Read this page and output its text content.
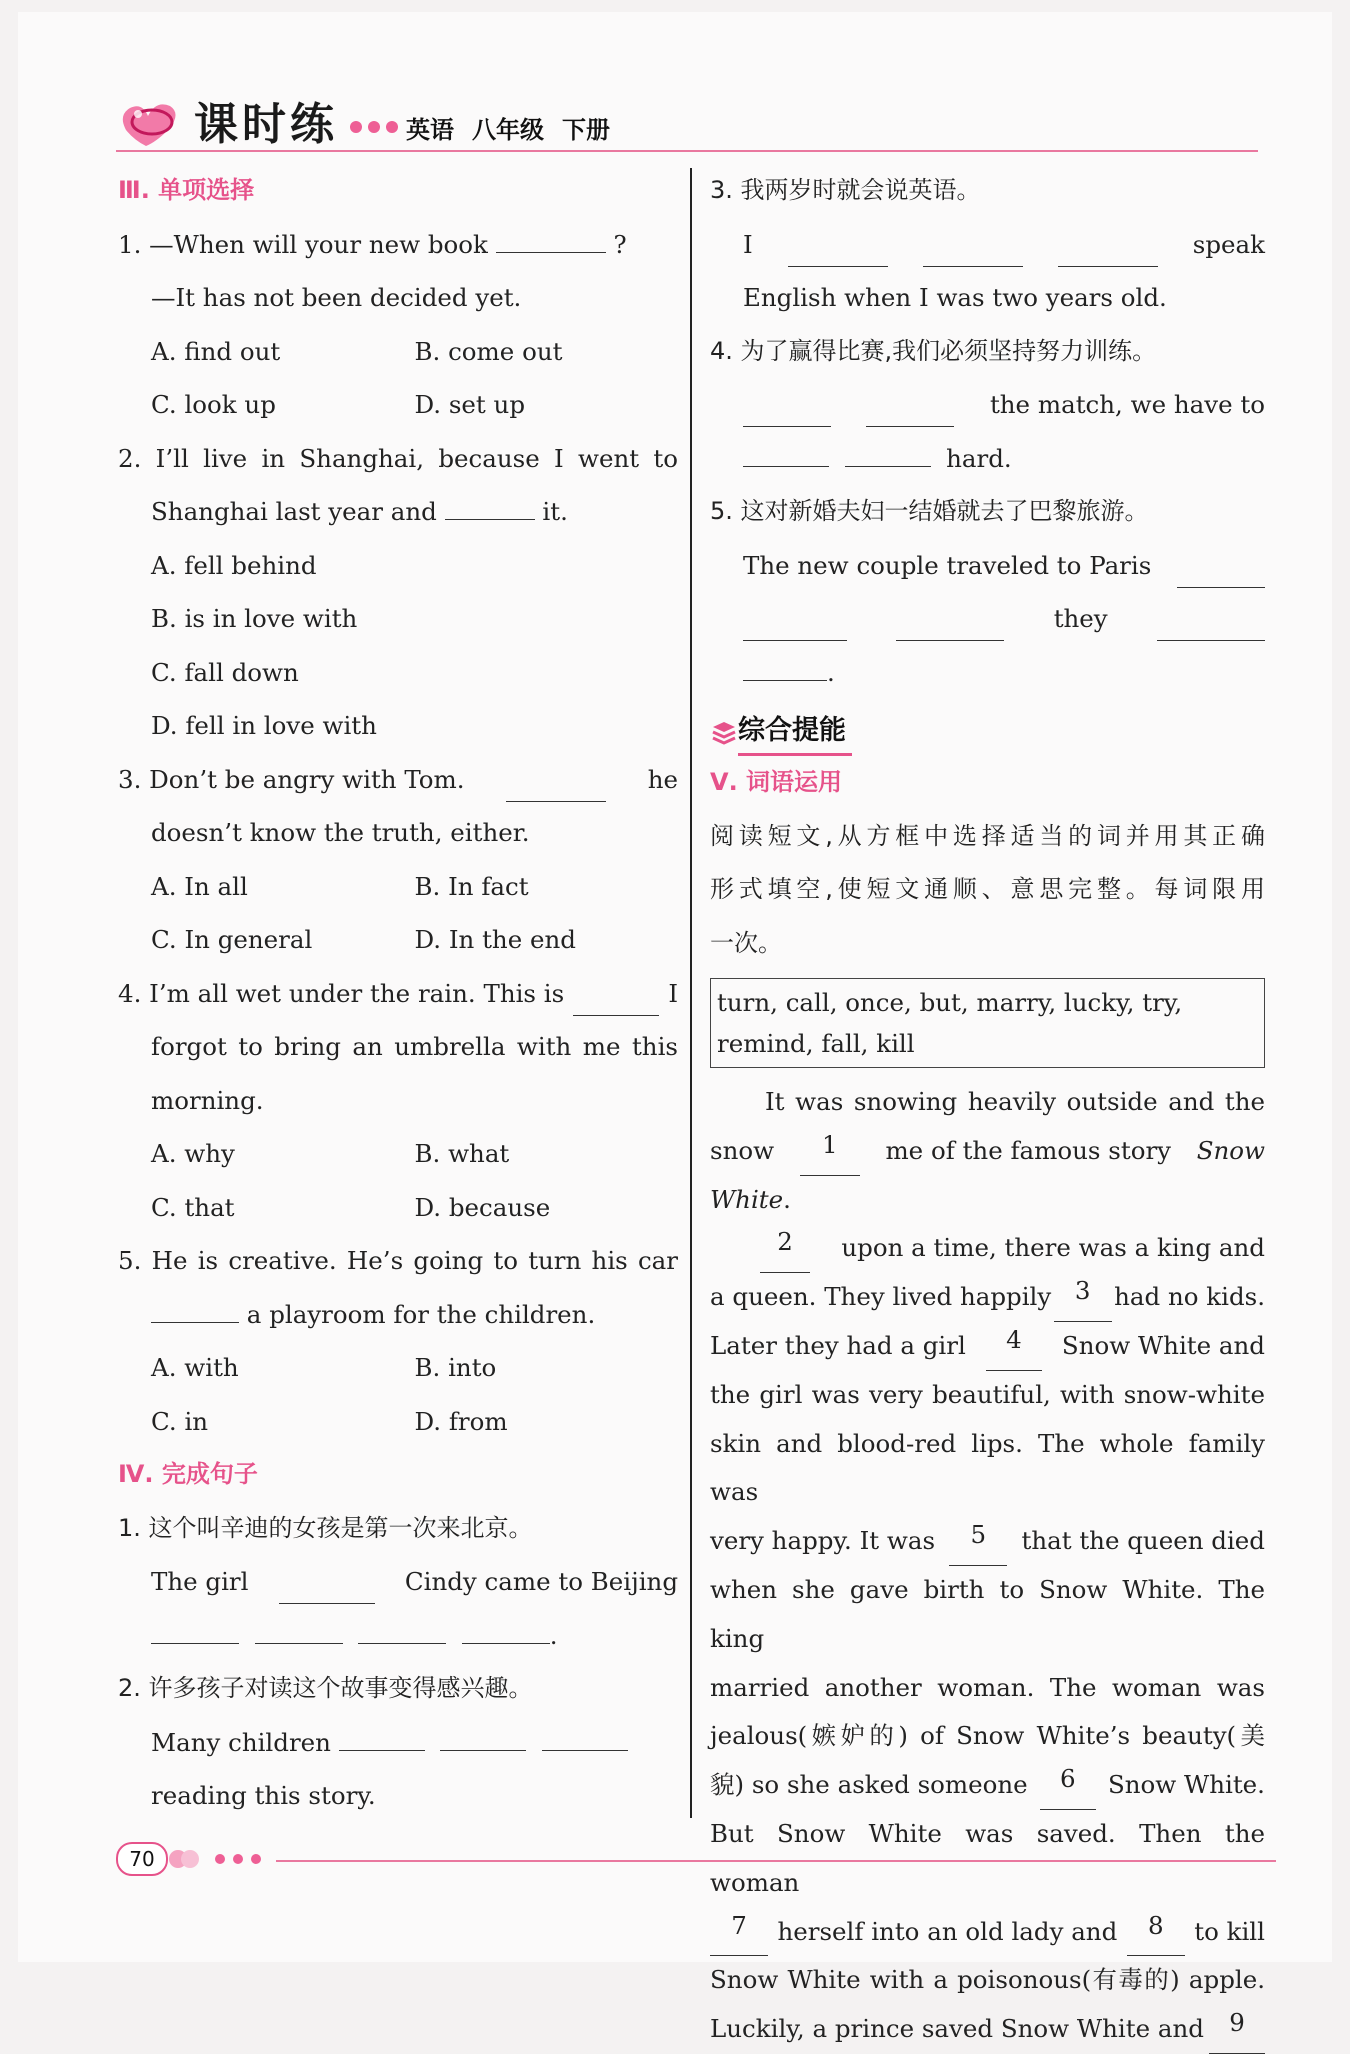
课时练	英语 八年级 下册
Ⅲ. 单项选择
1. —When will your new book	?
—It has not been decided yet.
A. find out	B. come out
C. look up	D. set up
2. I’ll live in Shanghai, because I went to
Shanghai last year and	it.
A. fell behind
B. is in love with
C. fall down
D. fell in love with
3. Don’t be angry with Tom.	he
doesn’t know the truth, either.
A. In all	B. In fact
C. In general	D. In the end
4. I’m all wet under the rain. This is	I
forgot to bring an umbrella with me this
morning.
A. why	B. what
C. that	D. because
5. He is creative. He’s going to turn his car
a playroom for the children.
A. with	B. into
C. in	D. from
Ⅳ. 完成句子
1. 这个叫辛迪的女孩是第一次来北京。
The girl	Cindy came to Beijing
.
2. 许多孩子对读这个故事变得感兴趣。
Many children
reading this story.
3. 我两岁时就会说英语。
I	speak
English when I was two years old.
4. 为了赢得比赛,我们必须坚持努力训练。
the match, we have to
hard.
5. 这对新婚夫妇一结婚就去了巴黎旅游。
The new couple traveled to Paris
they
.
综合提能
Ⅴ. 词语运用
阅读短文,从方框中选择适当的词并用其正确
形式填空,使短文通顺、意思完整。每词限用
一次。
turn, call, once, but, marry, lucky, try,
remind, fall, kill
It was snowing heavily outside and the
snow	1	me of the famous story Snow
White.
2	upon a time, there was a king and
a queen. They lived happily 3 had no kids.
Later they had a girl	4	Snow White and
the girl was very beautiful, with snow-white
skin and blood-red lips. The whole family was
very happy. It was	5	that the queen died
when she gave birth to Snow White. The king
married another woman. The woman was
jealous(嫉妒的) of Snow White’s beauty(美
貌) so she asked someone	6	Snow White.
But Snow White was saved. Then the woman
7	herself into an old lady and	8	to kill
Snow White with a poisonous(有毒的) apple.
Luckily, a prince saved Snow White and	9
70
